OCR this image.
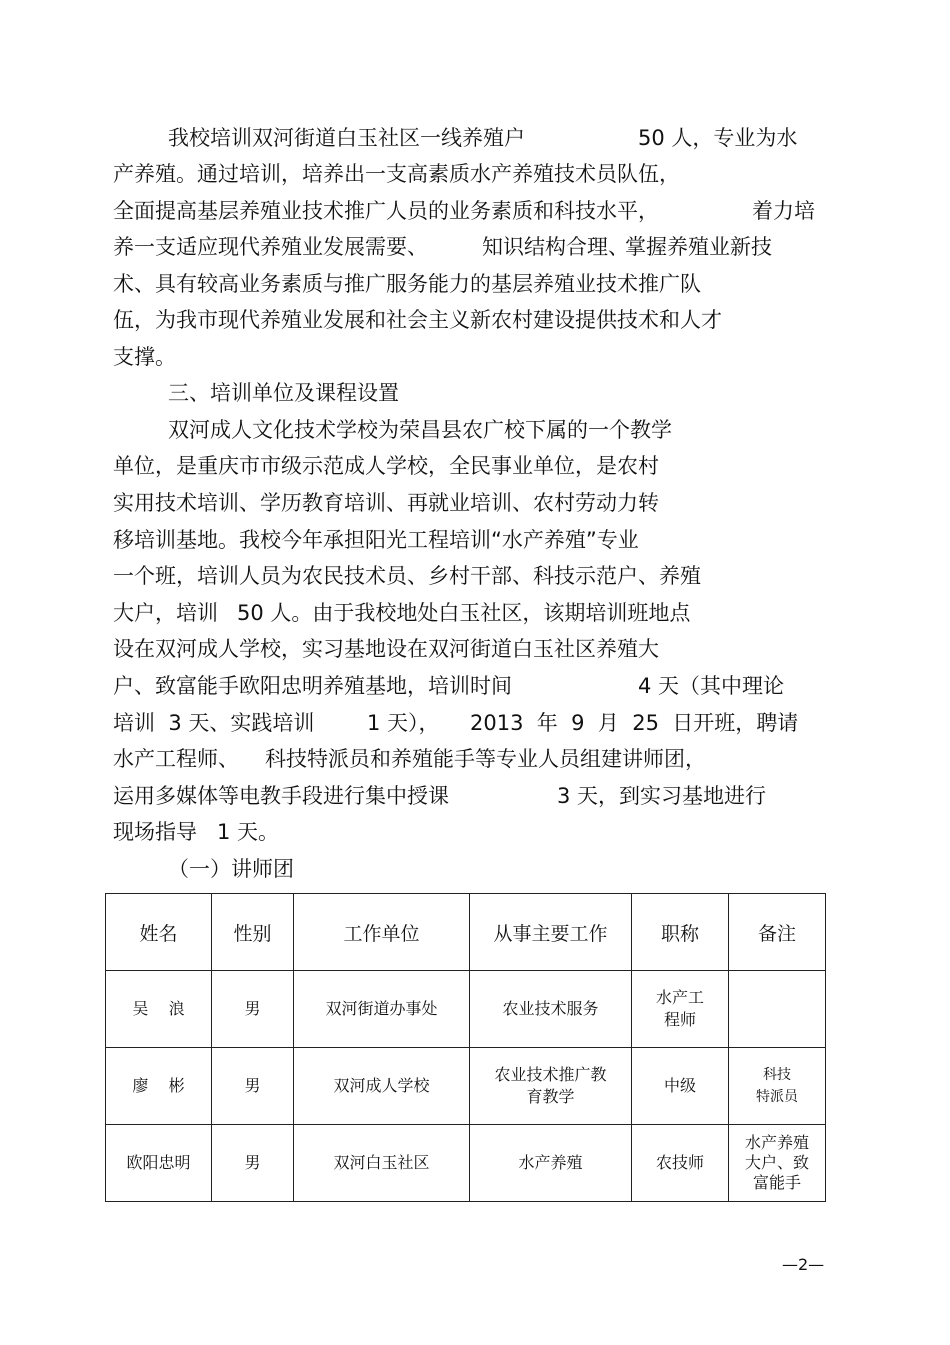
我校培训双河街道白玉社区一线养殖户	50 人，专业为水
产养殖。通过培训，培养出一支高素质水产养殖技术员队伍，
全面提高基层养殖业技术推广人员的业务素质和科技水平，	着力培
养一支适应现代养殖业发展需要、	知识结构合理、
掌握养殖业新技
术、具有较高业务素质与推广服务能力的基层养殖业技术推广队
伍，为我市现代养殖业发展和社会主义新农村建设提供技术和人才
支撑。
三、培训单位及课程设置
双河成人文化技术学校为荣昌县农广校下属的一个教学
单位，是重庆市市级示范成人学校，全民事业单位，是农村
实用技术培训、学历教育培训、再就业培训、农村劳动力转
移培训基地。我校今年承担阳光工程培训“水产养殖”专业
一个班，培训人员为农民技术员、乡村干部、科技示范户、养殖
大户，培训 50 人。由于我校地处白玉社区，该期培训班地点
设在双河成人学校，实习基地设在双河街道白玉社区养殖大
户、致富能手欧阳忠明养殖基地，培训时间	4 天（其中理论
培训  3 天、实践培训	1 天）， 2013  年  9  月  25  日开班，聘请
水产工程师、 科技特派员和养殖能手等专业人员组建讲师团，
运用多媒体等电教手段进行集中授课	3 天，到实习基地进行
现场指导   1 天。
（一）讲师团
姓名	性别	工作单位	从事主要工作	职称	备注
吴    浪	男	双河街道办事处	农业技术服务	水产工
程师	
廖    彬	男	双河成人学校	农业技术推广教
育教学	中级	科技
特派员
欧阳忠明	男	双河白玉社区	水产养殖	农技师	水产养殖
大户、致
富能手
—2—
